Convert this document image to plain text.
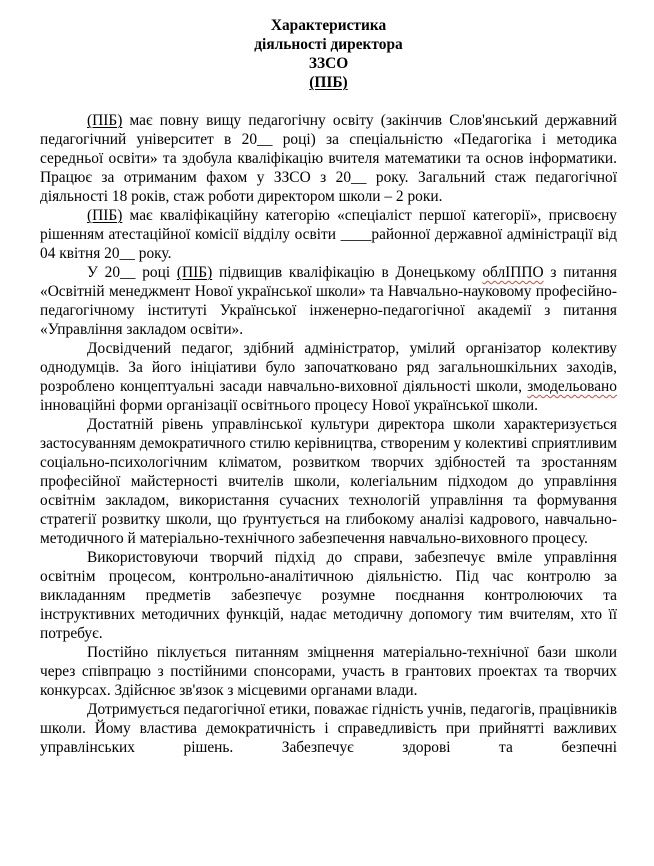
Характеристика
діяльності директора
ЗЗСО
(ПІБ)

(ПІБ) має повну вищу педагогічну освіту (закінчив Слов'янський державний педагогічний університет в 20__ році) за спеціальністю «Педагогіка і методика середньої освіти» та здобула кваліфікацію вчителя математики та основ інформатики. Працює за отриманим фахом у ЗЗСО з 20__ року. Загальний стаж педагогічної діяльності 18 років, стаж роботи директором школи – 2 роки.

(ПІБ) має кваліфікаційну категорію «спеціаліст першої категорії», присвоєну рішенням атестаційної комісії відділу освіти ____районної державної адміністрації від 04 квітня 20__ року.

У 20__ році (ПІБ) підвищив кваліфікацію в Донецькому облІППО з питання «Освітній менеджмент Нової української школи» та Навчально-науковому професійно-педагогічному інституті Української інженерно-педагогічної академії з питання «Управління закладом освіти».

Досвідчений педагог, здібний адміністратор, умілий організатор колективу однодумців. За його ініціативи було започатковано ряд загальношкільних заходів, розроблено концептуальні засади навчально-виховної діяльності школи, змодельовано інноваційні форми організації освітнього процесу Нової української школи.

Достатній рівень управлінської культури директора школи характеризується застосуванням демократичного стилю керівництва, створеним у колективі сприятливим соціально-психологічним кліматом, розвитком творчих здібностей та зростанням професійної майстерності вчителів школи, колегіальним підходом до управління освітнім закладом, використання сучасних технологій управління та формування стратегії розвитку школи, що ґрунтується на глибокому аналізі кадрового, навчально-методичного й матеріально-технічного забезпечення навчально-виховного процесу.

Використовуючи творчий підхід до справи, забезпечує вміле управління освітнім процесом, контрольно-аналітичною діяльністю. Під час контролю за викладанням предметів забезпечує розумне поєднання контролюючих та інструктивних методичних функцій, надає методичну допомогу тим вчителям, хто її потребує.

Постійно піклується питанням зміцнення матеріально-технічної бази школи через співпрацю з постійними спонсорами, участь в грантових проектах та творчих конкурсах. Здійснює зв'язок з місцевими органами влади.

Дотримується педагогічної етики, поважає гідність учнів, педагогів, працівників школи. Йому властива демократичність і справедливість при прийнятті важливих управлінських рішень. Забезпечує здорові та безпечні
